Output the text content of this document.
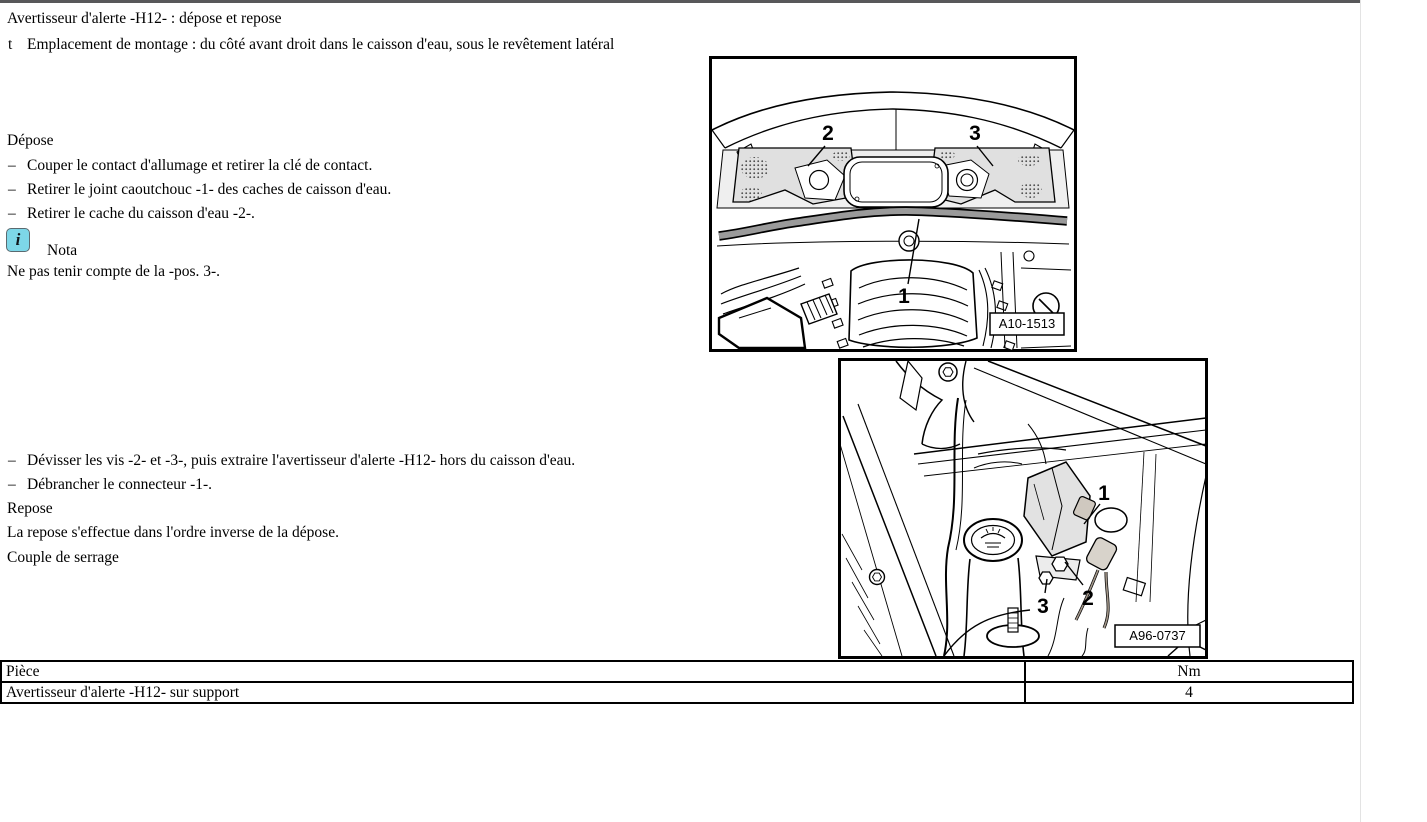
Avertisseur d'alerte -H12- : dépose et repose
t Emplacement de montage : du côté avant droit dans le caisson d'eau, sous le revêtement latéral
Dépose
– Couper le contact d'allumage et retirer la clé de contact.
– Retirer le joint caoutchouc -1- des caches de caisson d'eau.
– Retirer le cache du caisson d'eau -2-.
i
Nota
Ne pas tenir compte de la -pos. 3-.
– Dévisser les vis -2- et -3-, puis extraire l'avertisseur d'alerte -H12- hors du caisson d'eau.
– Débrancher le connecteur -1-.
Repose
La repose s'effectue dans l'ordre inverse de la dépose.
Couple de serrage
2	3
1
A10-1513
1
2
3
A96-0737
Pièce	Nm
Avertisseur d'alerte -H12- sur support	4
